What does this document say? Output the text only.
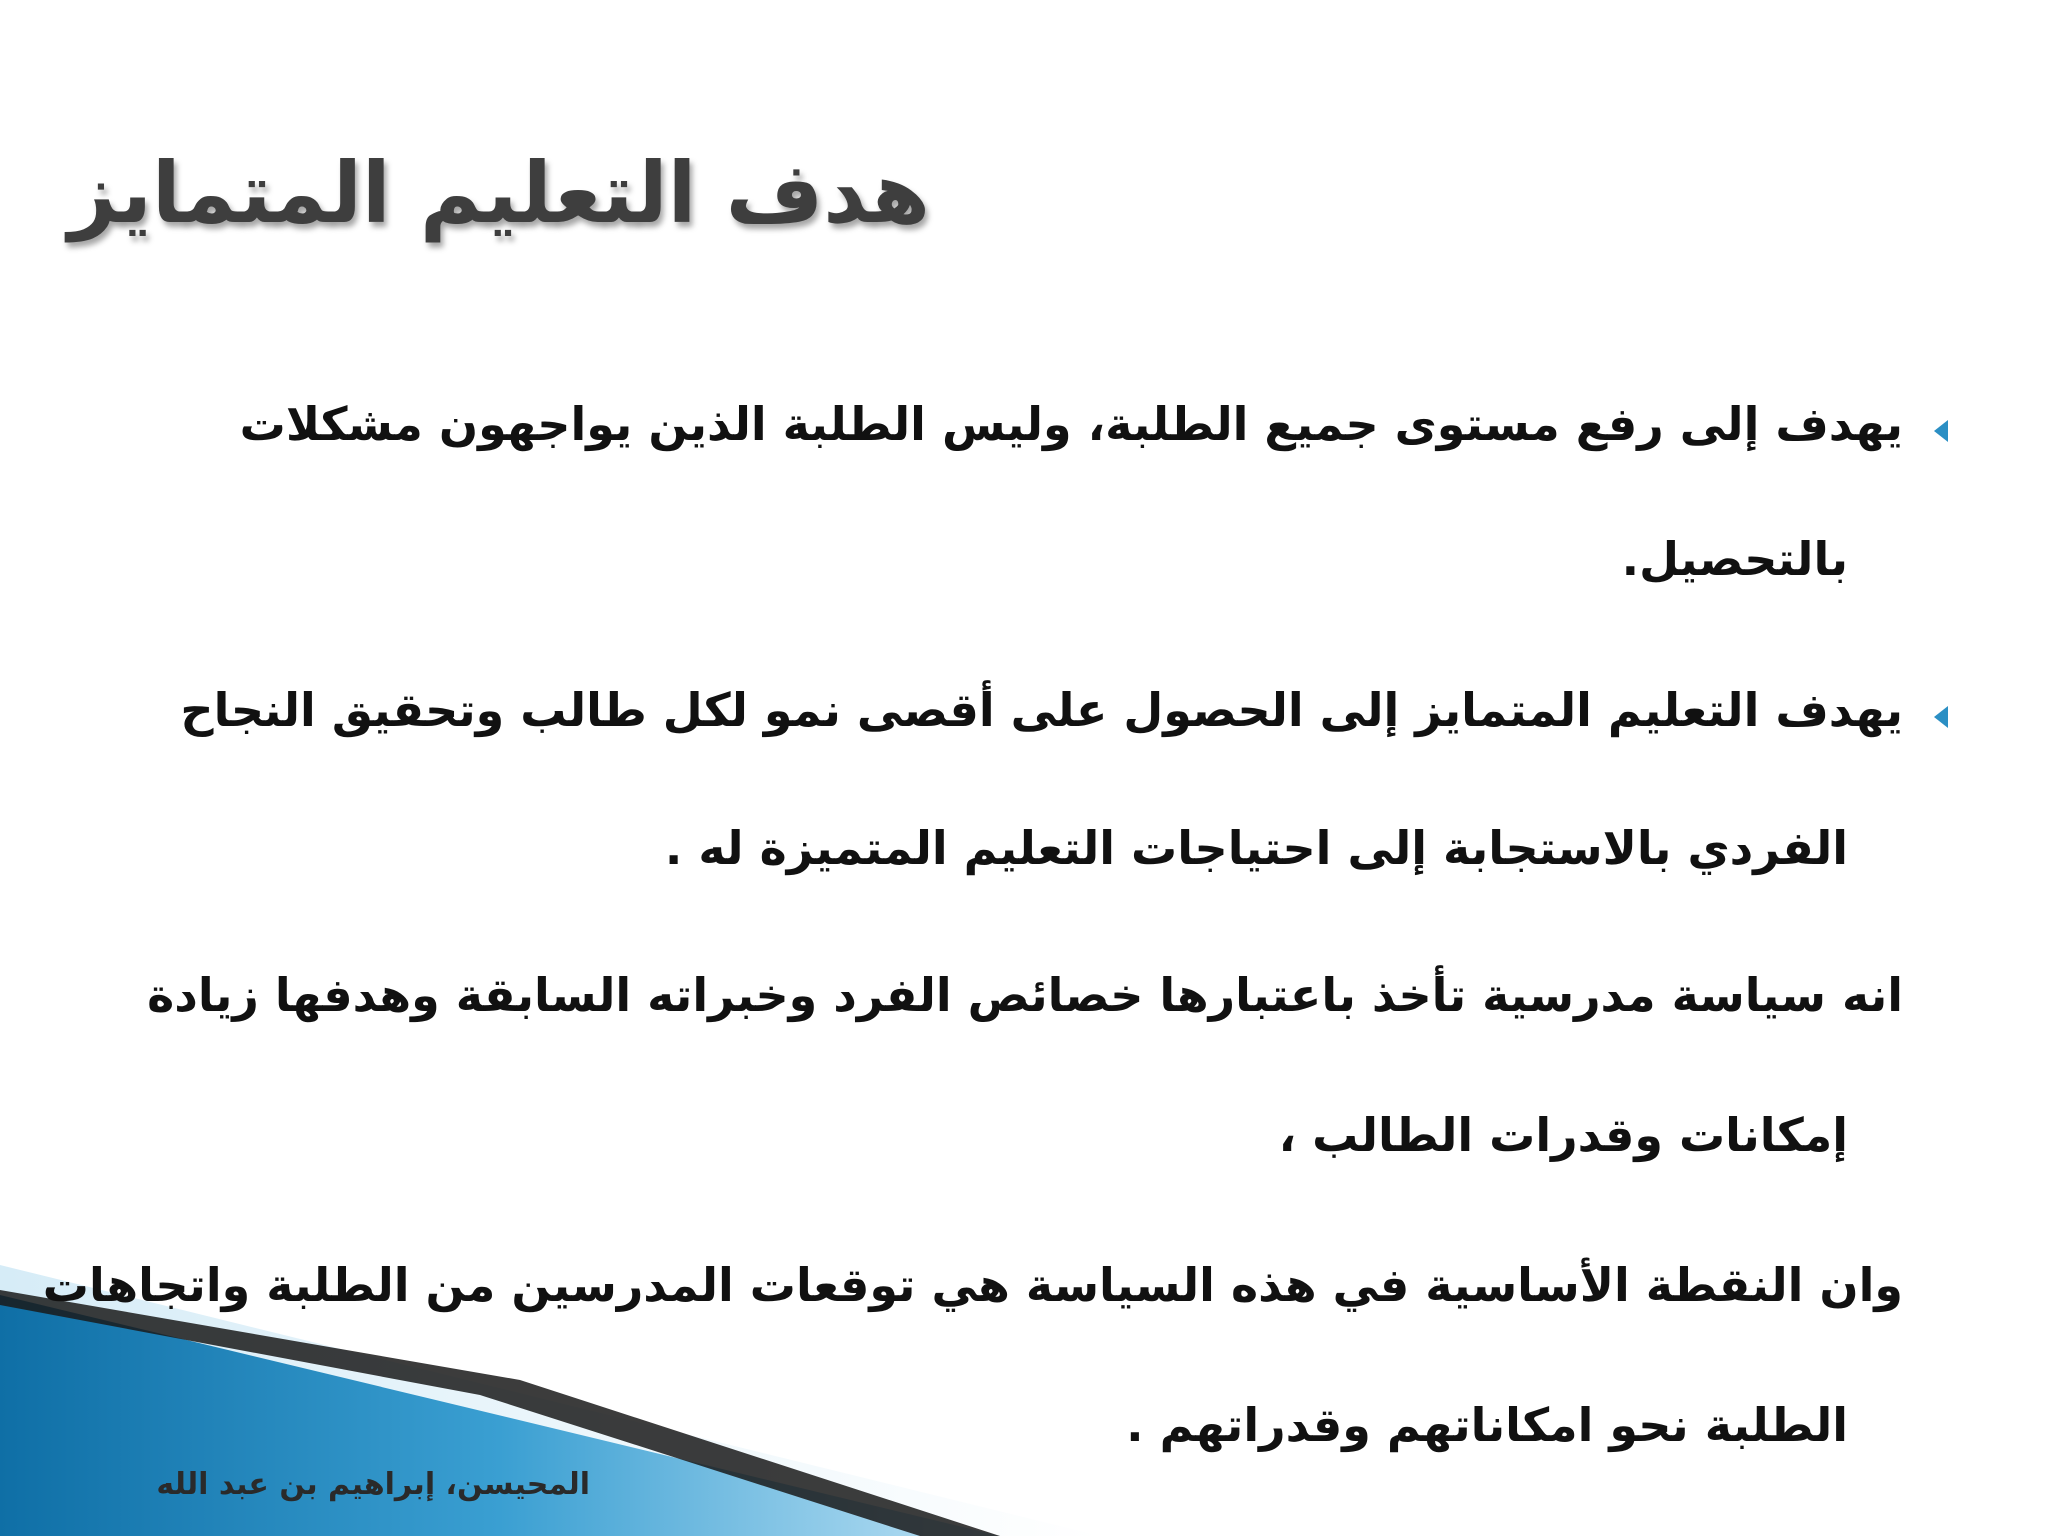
هدف التعليم المتمايز
يهدف إلى رفع مستوى جميع الطلبة، وليس الطلبة الذين يواجهون مشكلات
بالتحصيل.
يهدف التعليم المتمايز إلى الحصول على أقصى نمو لكل طالب وتحقيق النجاح
الفردي بالاستجابة إلى احتياجات التعليم المتميزة له .
انه سياسة مدرسية تأخذ باعتبارها خصائص الفرد وخبراته السابقة وهدفها زيادة
إمكانات وقدرات الطالب ،
وان النقطة الأساسية في هذه السياسة هي توقعات المدرسين من الطلبة واتجاهات
الطلبة نحو امكاناتهم وقدراتهم .
المحيسن، إبراهيم بن عبد الله
